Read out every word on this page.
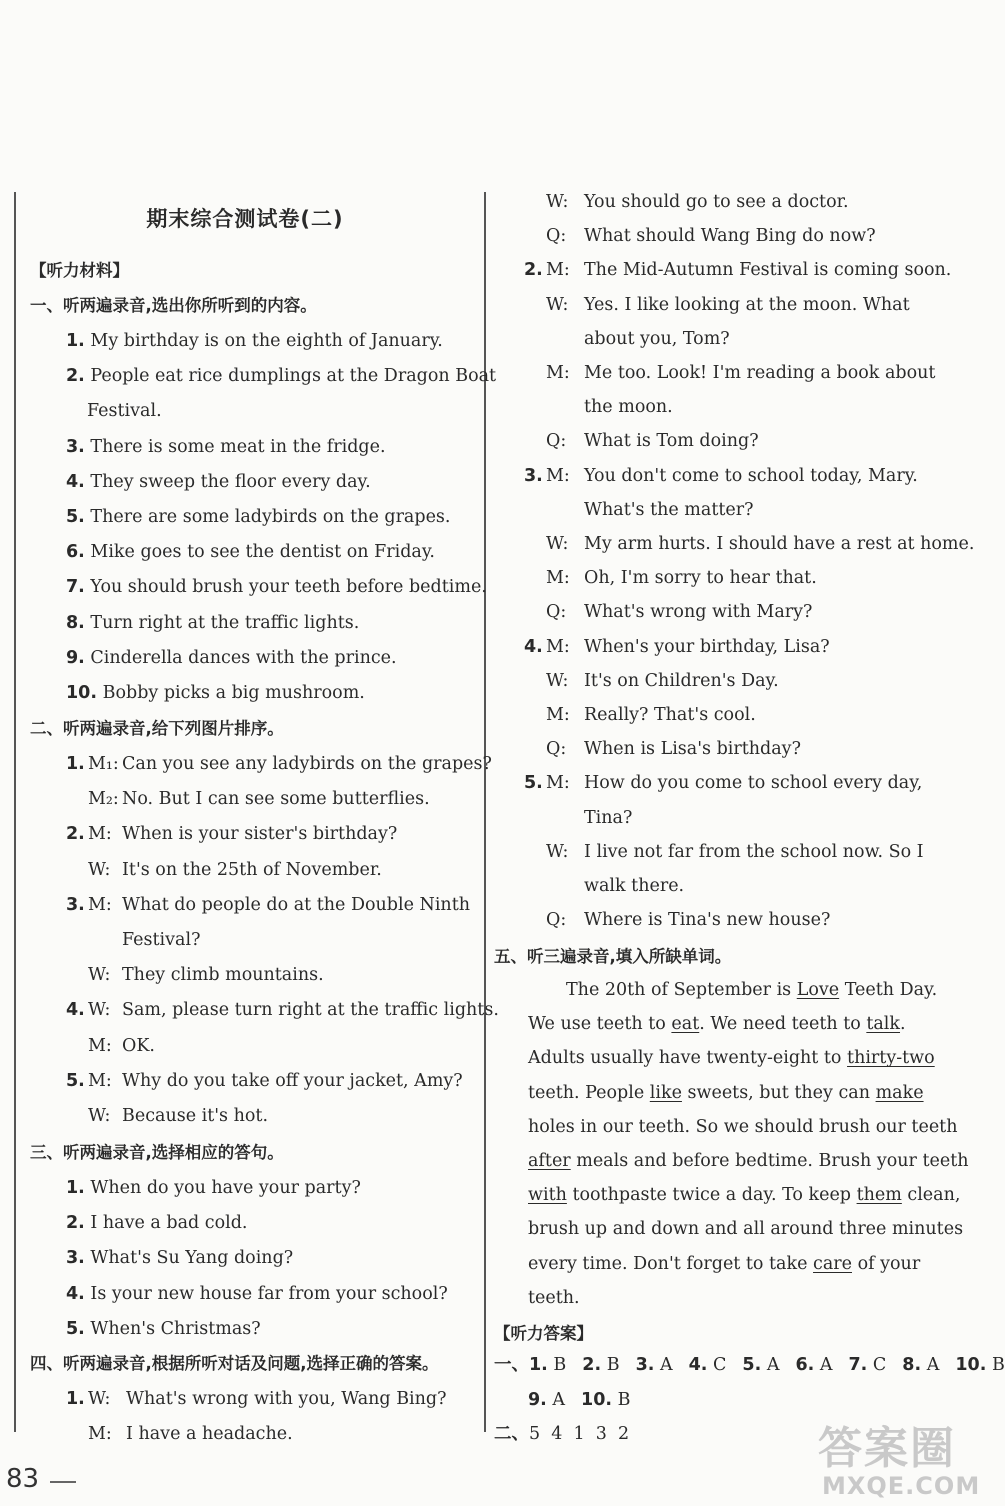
期末综合测试卷(二)
【听力材料】
一、听两遍录音,选出你所听到的内容。
1. My birthday is on the eighth of January.
2. People eat rice dumplings at the Dragon Boat
Festival.
3. There is some meat in the fridge.
4. They sweep the floor every day.
5. There are some ladybirds on the grapes.
6. Mike goes to see the dentist on Friday.
7. You should brush your teeth before bedtime.
8. Turn right at the traffic lights.
9. Cinderella dances with the prince.
10. Bobby picks a big mushroom.
二、听两遍录音,给下列图片排序。
1. M₁: Can you see any ladybirds on the grapes?
M₂: No. But I can see some butterflies.
2. M: When is your sister's birthday?
W: It's on the 25th of November.
3. M: What do people do at the Double Ninth
Festival?
W: They climb mountains.
4. W: Sam, please turn right at the traffic lights.
M: OK.
5. M: Why do you take off your jacket, Amy?
W: Because it's hot.
三、听两遍录音,选择相应的答句。
1. When do you have your party?
2. I have a bad cold.
3. What's Su Yang doing?
4. Is your new house far from your school?
5. When's Christmas?
四、听两遍录音,根据所听对话及问题,选择正确的答案。
1. W: What's wrong with you, Wang Bing?
M: I have a headache.
W: You should go to see a doctor.
Q: What should Wang Bing do now?
2. M: The Mid-Autumn Festival is coming soon.
W: Yes. I like looking at the moon. What
about you, Tom?
M: Me too. Look! I'm reading a book about
the moon.
Q: What is Tom doing?
3. M: You don't come to school today, Mary.
What's the matter?
W: My arm hurts. I should have a rest at home.
M: Oh, I'm sorry to hear that.
Q: What's wrong with Mary?
4. M: When's your birthday, Lisa?
W: It's on Children's Day.
M: Really? That's cool.
Q: When is Lisa's birthday?
5. M: How do you come to school every day,
Tina?
W: I live not far from the school now. So I
walk there.
Q: Where is Tina's new house?
五、听三遍录音,填入所缺单词。
The 20th of September is Love Teeth Day.
We use teeth to eat. We need teeth to talk.
Adults usually have twenty-eight to thirty-two
teeth. People like sweets, but they can make
holes in our teeth. So we should brush our teeth
after meals and before bedtime. Brush your teeth
with toothpaste twice a day. To keep them clean,
brush up and down and all around three minutes
every time. Don't forget to take care of your
teeth.
【听力答案】
一、1. B 2. B 3. A 4. C 5. A 6. A 7. C 8. A 10. B
9. A 10. B
二、5  4  1  3  2
83
答案圈
MXQE.COM
